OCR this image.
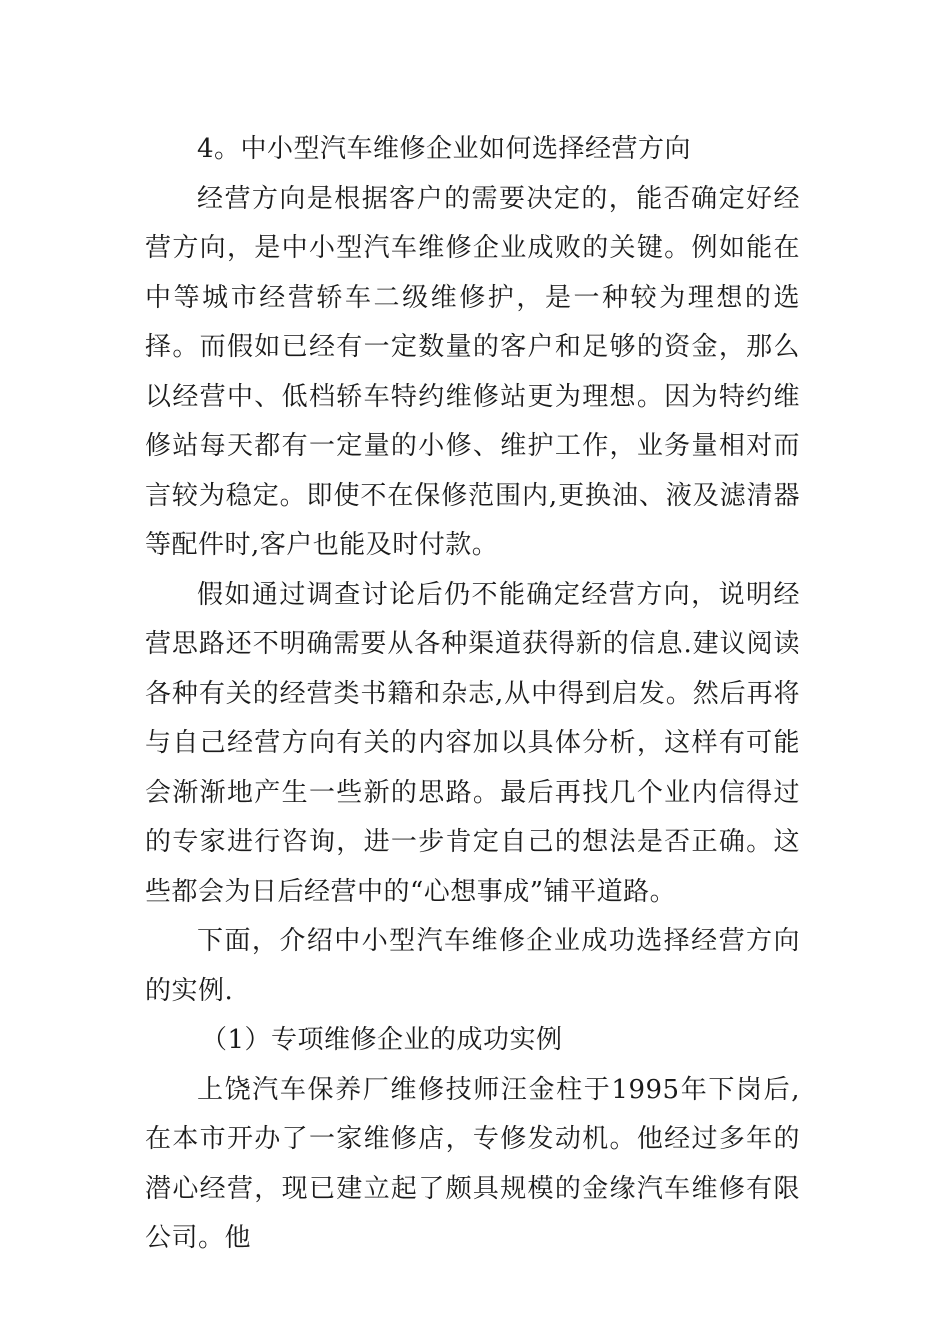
4。中小型汽车维修企业如何选择经营方向

经营方向是根据客户的需要决定的，能否确定好经营方向，是中小型汽车维修企业成败的关键。例如能在中等城市经营轿车二级维修护，是一种较为理想的选择。而假如已经有一定数量的客户和足够的资金，那么以经营中、低档轿车特约维修站更为理想。因为特约维修站每天都有一定量的小修、维护工作，业务量相对而言较为稳定。即使不在保修范围内,更换油、液及滤清器等配件时,客户也能及时付款。

假如通过调查讨论后仍不能确定经营方向，说明经营思路还不明确需要从各种渠道获得新的信息.建议阅读各种有关的经营类书籍和杂志,从中得到启发。然后再将与自己经营方向有关的内容加以具体分析，这样有可能会渐渐地产生一些新的思路。最后再找几个业内信得过的专家进行咨询，进一步肯定自己的想法是否正确。这些都会为日后经营中的“心想事成”铺平道路。

下面，介绍中小型汽车维修企业成功选择经营方向的实例.

（1）专项维修企业的成功实例

上饶汽车保养厂维修技师汪金柱于1995年下岗后,在本市开办了一家维修店，专修发动机。他经过多年的潜心经营，现已建立起了颇具规模的金缘汽车维修有限公司。他
